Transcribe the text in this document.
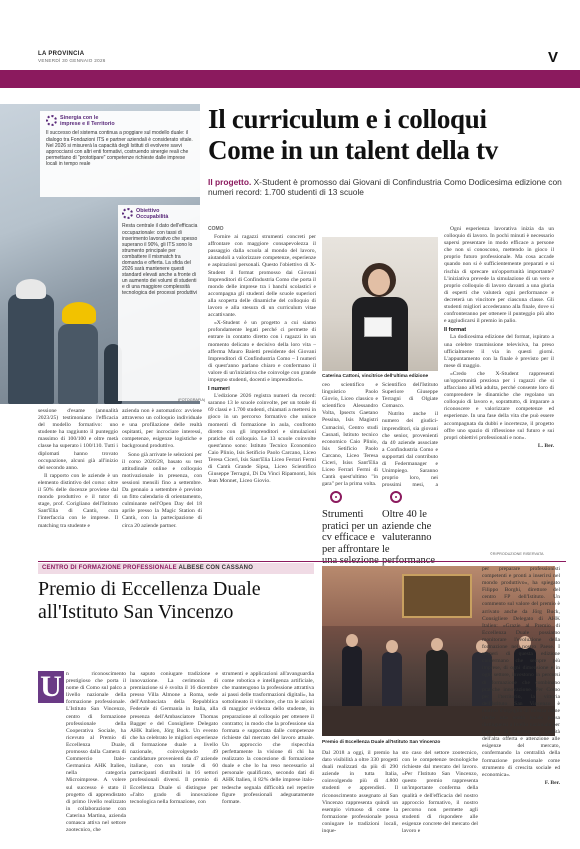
LA PROVINCIA
VENERDÌ 30 GENNAIO 2026	V
Sinergia con le imprese e il Territorio
Il successo del sistema continua a poggiare sul modello duale: il dialogo tra Fondazioni ITS e partner aziendali è considerato vitale. Nel 2026 si misurerà la capacità degli Istituti di evolvere savvi approcciarsi con altri enti formativi, costruendo sinergie reali che permettano di "prototipare" competenze richieste dalle imprese locali in tempo reale
Obiettivo Occupabilità
Resta centrale il dato dell'efficacia occupazionale: con tassi di inserimento lavorativo che spesso superano il 90%, gli ITS sono lo strumento principale per combattere il mismatch tra domanda e offerta. La sfida del 2026 sarà mantenere questi standard elevati anche a fronte di un aumento dei volumi di studenti e di una maggiore complessità tecnologica dei processi produttivi
(FOTOGRAFIA)

sessione d'esame (annualità 2023/25) testimoniano l'efficacia del modello formativo: uno studente ha raggiunto il punteggio massimo di 100/100 e oltre metà classe ha superato i 100/110. Tutti i diplomati hanno trovato occupazione, alcuni già all'inizio del secondo anno.

Il rapporto con le aziende è un elemento distintivo del corso: oltre il 50% delle docenze proviene dal mondo produttivo e il tutor di stage, prof. Corigliano dell'Istituto Sant'Elia di Cantù, cura l'interfaccia con le imprese. Il matching tra studente e

azienda non è automatico: avviene attraverso un colloquio individuale e una profilazione delle realtà ospitanti, per incrociare interessi, competenze, esigenze logistiche e background produttivo.

Sono già arrivate le selezioni per il corso 2026/28, basato su test attitudinale online e colloquio motivazionale in presenza, con sessioni mensili fino a settembre. Da gennaio a settembre è previsto un fitto calendario di orientamento, culminante nell'Open Day del 18 aprile presso la Magic Station di Cantù, con la partecipazione di circa 20 aziende partner.

Il curriculum e i colloqui
Come in un talent della tv
Il progetto. X-Student è promosso dai Giovani di Confindustria Como Dodicesima edizione con numeri record: 1.700 studenti di 13 scuole
COMO

Fornire ai ragazzi strumenti concreti per affrontare con maggiore consapevolezza il passaggio dalla scuola al mondo del lavoro, aiutandoli a valorizzare competenze, esperienze e aspirazioni personali. Questo l'obiettivo di X-Student il format promosso dai Giovani Imprenditori di Confindustria Como che porta il mondo delle imprese tra i banchi scolastici e accompagna gli studenti delle scuole superiori alla scoperta delle dinamiche del colloquio di lavoro e alla stesura di un curriculum vitae accattivante.

«X-Student è un progetto a cui siamo profondamente legati perché ci permette di entrare in contatto diretto con i ragazzi in un momento delicato e decisivo della loro vita – afferma Mauro Baietti presidente dei Giovani Imprenditori di Confindustria Como – I numeri di quest'anno parlano chiaro e confermano il valore di un'iniziativa che coinvolge con grande impegno studenti, docenti e imprenditori».

I numeri

L'edizione 2026 registra numeri da record: saranno 13 le scuole coinvolte, per un totale di 69 classi e 1.700 studenti, chiamati a mettersi in gioco in un percorso formativo che unisce momenti di formazione in aula, confronto diretto con gli imprenditori e simulazioni pratiche di colloquio. Le 13 scuole coinvolte quest'anno sono: Istituto Tecnico Economico Caio Plinio, Isis Setificio Paolo Carcano, Liceo Teresa Ciceri, Isis Sant'Elia Liceo Ferrari Fermi di Cantù Grande Sipsa, Liceo Scientifico Giuseppe Terragni, Di Da Vinci Ripamonti, Isis Jean Monnet, Liceo Giovio.

Caterina Cattoni, vincitrice dell'ultima edizione

ceo scientifico e linguistico Paolo Giovio, Liceo classico e scientifico Alessandro Volta, Ipsects Gaetano Pessina, Isis Magistri Cumacini, Centro studi Casnati, Istituto tecnico economico Caio Plinio, Isis Setificio Paolo Carcano, Liceo Teresa Ciceri, Isiss Sant'Elia Liceo Ferrari Fermi di Cantù quest'ultimo "in gara" per la prima volta.

Scientifico dell'Istituto Superiore Giuseppe Terragni di Olgiate Comasco.

Nutrito anche il numero dei giudici-imprenditori, sia giovani che senior, provenienti da 40 aziende associate a Confindustria Como e supportati dal contributo di Federmanager e Unimpiego. Saranno proprio loro, nei prossimi mesi, a

Strumenti pratici per un cv efficace e per affrontare
Oltre 40 le aziende che valuteranno le

Ogni esperienza lavorativa inizia da un colloquio di lavoro. In pochi minuti è necessario sapersi presentare in modo efficace a persone che non si conoscono, mettendo in gioco il proprio futuro professionale. Ma cosa accade quando non si è sufficientemente preparati e si rischia di sprecare un'opportunità importante? L'iniziativa prevede la simulazione di un vero e proprio colloquio di lavoro davanti a una giuria di esperti che valuterà ogni performance e decreterà un vincitore per ciascuna classe. Gli studenti migliori accederanno alla finale, dove si confronteranno per ottenere il punteggio più alto e aggiudicarsi il premio in palio.

Il format

La dodicesima edizione del format, ispirato a una celebre trasmissione televisiva, ha preso ufficialmente il via in questi giorni. L'appuntamento con la finale è previsto per il mese di maggio.

«Credo che X-Student rappresenti un'opportunità preziosa per i ragazzi che si affacciano all'età adulta, perché consente loro di comprendere le dinamiche che regolano un colloquio di lavoro e, soprattutto, di imparare a riconoscere e valorizzare competenze ed esperienze. In una fase della vita che può essere accompagnata da dubbi e incertezze, il progetto offre uno spazio di riflessione sul futuro e sui propri obiettivi professionali e non».

L. Ber.

©RIPRODUZIONE RISERVATA
CENTRO DI FORMAZIONE PROFESSIONALE ALBESE CON CASSANO
Premio di Eccellenza Duale all'Istituto San Vincenzo
U n riconoscimento prestigioso che porta il nome di Como sul palco a livello nazionale della formazione professionale. L'Istituto San Vincenzo, centro di formazione professionale della Cooperativa Sociale, ha ricevuto al Premio di Eccellenza Duale, promosso dalla Camera di Commercio Italo-Germanica AHK Italien, nella categoria Microimprese. A volere sul successo è stato il progetto di apprendistato di primo livello realizzato in collaborazione con Caterina Martina, azienda comasca attiva nel settore zootecnico, che

ha saputo coniugare tradizione e innovazione. La cerimonia di premiazione si è svolta il 16 dicembre presso Villa Almone a Roma, sede dell'Ambasciata della Repubblica Federale di Germania in Italia, alla presenza dell'Ambasciatore Thomas Bagger e del Consigliere Delegato AHK Italien, Jörg Buck. Un evento che ha celebrato le migliori esperienze di formazione duale a livello nazionale, coinvolgendo 49 candidature provenienti da 47 aziende italiane, con un totale di 60 partecipanti distribuiti in 16 settori professionali diversi. Il premio di Eccellenza Duale si distingue per «l'alto grado di innovazione tecnologica nella formazione, con

strumenti e applicazioni all'avanguardia come robotica e intelligenza artificiale, che mantengono la professione attrattiva ai passi delle trasformazioni digitali», ha sottolineato il vincitore, che tra le azioni di maggior evidenza dello studente, in preparazione al colloquio per ottenere il contratto; in modo che la professione sia formata e supportata dalle competenze richieste dal mercato del lavoro attuale. Un approccio che rispecchia perfettamente la visione di chi ha realizzato la concezione di formazione duale e che lo ha reso necessario al personale qualificato, secondo dati di AHK Italien, il 82% delle imprese italo-tedesche segnala difficoltà nel reperire figure professionali adeguatamente formate.

Premio di Eccellenza Duale all'Istituto San Vincenzo

Dal 2018 a oggi, il premio ha dato visibilità a oltre 330 progetti duali realizzati da più di 290 aziende in tutta Italia, coinvolgendo più di 4.800 studenti e apprendisti. Il riconoscimento assegnato al San Vincenzo rappresenta quindi un esempio virtuoso di come la formazione professionale possa coniugare le tradizioni locali, inque-

sto caso del settore zootecnico, con le competenze tecnologiche richieste dal mercato del lavoro. «Per l'Istituto San Vincenzo, questo premio rappresenta un'importante conferma della qualità e dell'efficacia del nostro approccio formativo, il nostro percorso non permette agli studenti di rispondere alle esigenze concrete del mercato del lavoro e

per preparare professionisti competenti e pronti a inserirsi nel mondo produttivo», ha spiegato Filippo Borghi, direttore del centro FP dell'Istituto. Un commento sul valore del premio è arrivato anche da Jörg Buck, Consigliere Delegato di AHK Italien: «Grazie al Premio di Eccellenza Duale possiamo monitorare l'evoluzione della formazione nel nostro Paese. I numeri di questa edizione confermano che sempre più imprese, di ogni dimensione e in ogni settore, investono in percorsi di formazione che combinano pratiche innovazione. Per Como per l'territorio, la vittoria dell'Istituto San Vincenzo è motivo d'orgoglio di mostra come anche una realtà locale possa distinguersi a livello nazionale per capacità di innovazione, qualità dell'alta offerta e attenzione alle esigenze del mercato, confermando la centralità della formazione professionale come strumento di crescita sociale ed economica».

F. Ber.
